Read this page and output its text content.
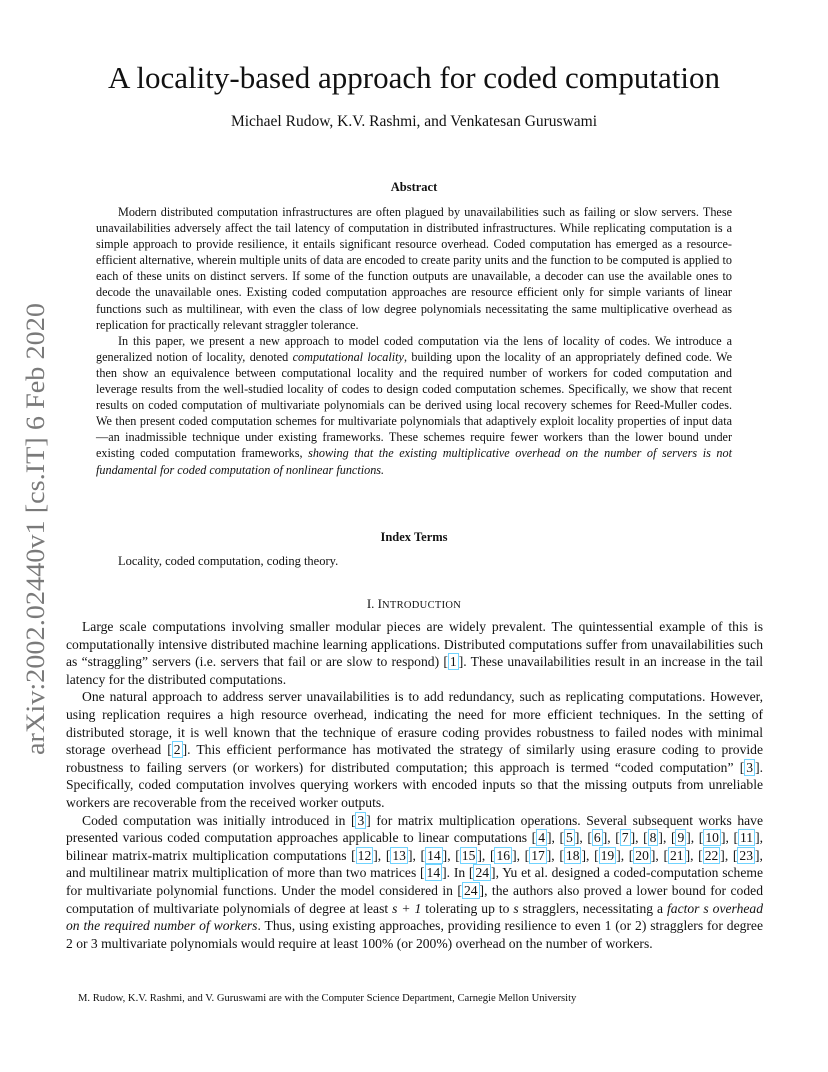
arXiv:2002.02440v1 [cs.IT] 6 Feb 2020
A locality-based approach for coded computation
Michael Rudow, K.V. Rashmi, and Venkatesan Guruswami
Abstract

Modern distributed computation infrastructures are often plagued by unavailabilities such as failing or slow servers. These unavailabilities adversely affect the tail latency of computation in distributed infrastructures. While replicating computation is a simple approach to provide resilience, it entails significant resource overhead. Coded computation has emerged as a resource-efficient alternative, wherein multiple units of data are encoded to create parity units and the function to be computed is applied to each of these units on distinct servers. If some of the function outputs are unavailable, a decoder can use the available ones to decode the unavailable ones. Existing coded computation approaches are resource efficient only for simple variants of linear functions such as multilinear, with even the class of low degree polynomials necessitating the same multiplicative overhead as replication for practically relevant straggler tolerance.

In this paper, we present a new approach to model coded computation via the lens of locality of codes. We introduce a generalized notion of locality, denoted computational locality, building upon the locality of an appropriately defined code. We then show an equivalence between computational locality and the required number of workers for coded computation and leverage results from the well-studied locality of codes to design coded computation schemes. Specifically, we show that recent results on coded computation of multivariate polynomials can be derived using local recovery schemes for Reed-Muller codes. We then present coded computation schemes for multivariate polynomials that adaptively exploit locality properties of input data—an inadmissible technique under existing frameworks. These schemes require fewer workers than the lower bound under existing coded computation frameworks, showing that the existing multiplicative overhead on the number of servers is not fundamental for coded computation of nonlinear functions.

Index Terms
Locality, coded computation, coding theory.
I. INTRODUCTION

Large scale computations involving smaller modular pieces are widely prevalent. The quintessential example of this is computationally intensive distributed machine learning applications. Distributed computations suffer from unavailabilities such as “straggling” servers (i.e. servers that fail or are slow to respond) [ 1 ]. These unavailabilities result in an increase in the tail latency for the distributed computations.

One natural approach to address server unavailabilities is to add redundancy, such as replicating computations. However, using replication requires a high resource overhead, indicating the need for more efficient techniques. In the setting of distributed storage, it is well known that the technique of erasure coding provides robustness to failed nodes with minimal storage overhead [ 2 ]. This efficient performance has motivated the strategy of similarly using erasure coding to provide robustness to failing servers (or workers) for distributed computation; this approach is termed “coded computation” [ 3 ]. Specifically, coded computation involves querying workers with encoded inputs so that the missing outputs from unreliable workers are recoverable from the received worker outputs.

Coded computation was initially introduced in [ 3 ] for matrix multiplication operations. Several subsequent works have presented various coded computation approaches applicable to linear computations [ 4 ], [ 5 ], [ 6 ], [ 7 ], [ 8 ], [ 9 ], [ 10 ], [ 11 ], bilinear matrix-matrix multiplication computations [ 12 ], [ 13 ], [ 14 ], [ 15 ], [ 16 ], [ 17 ], [ 18 ], [ 19 ], [ 20 ], [ 21 ], [ 22 ], [ 23 ], and multilinear matrix multiplication of more than two matrices [ 14 ]. In [ 24 ], Yu et al. designed a coded-computation scheme for multivariate polynomial functions. Under the model considered in [ 24 ], the authors also proved a lower bound for coded computation of multivariate polynomials of degree at least s + 1 tolerating up to s stragglers, necessitating a factor s overhead on the required number of workers. Thus, using existing approaches, providing resilience to even 1 (or 2) stragglers for degree 2 or 3 multivariate polynomials would require at least 100% (or 200%) overhead on the number of workers.

M. Rudow, K.V. Rashmi, and V. Guruswami are with the Computer Science Department, Carnegie Mellon University
